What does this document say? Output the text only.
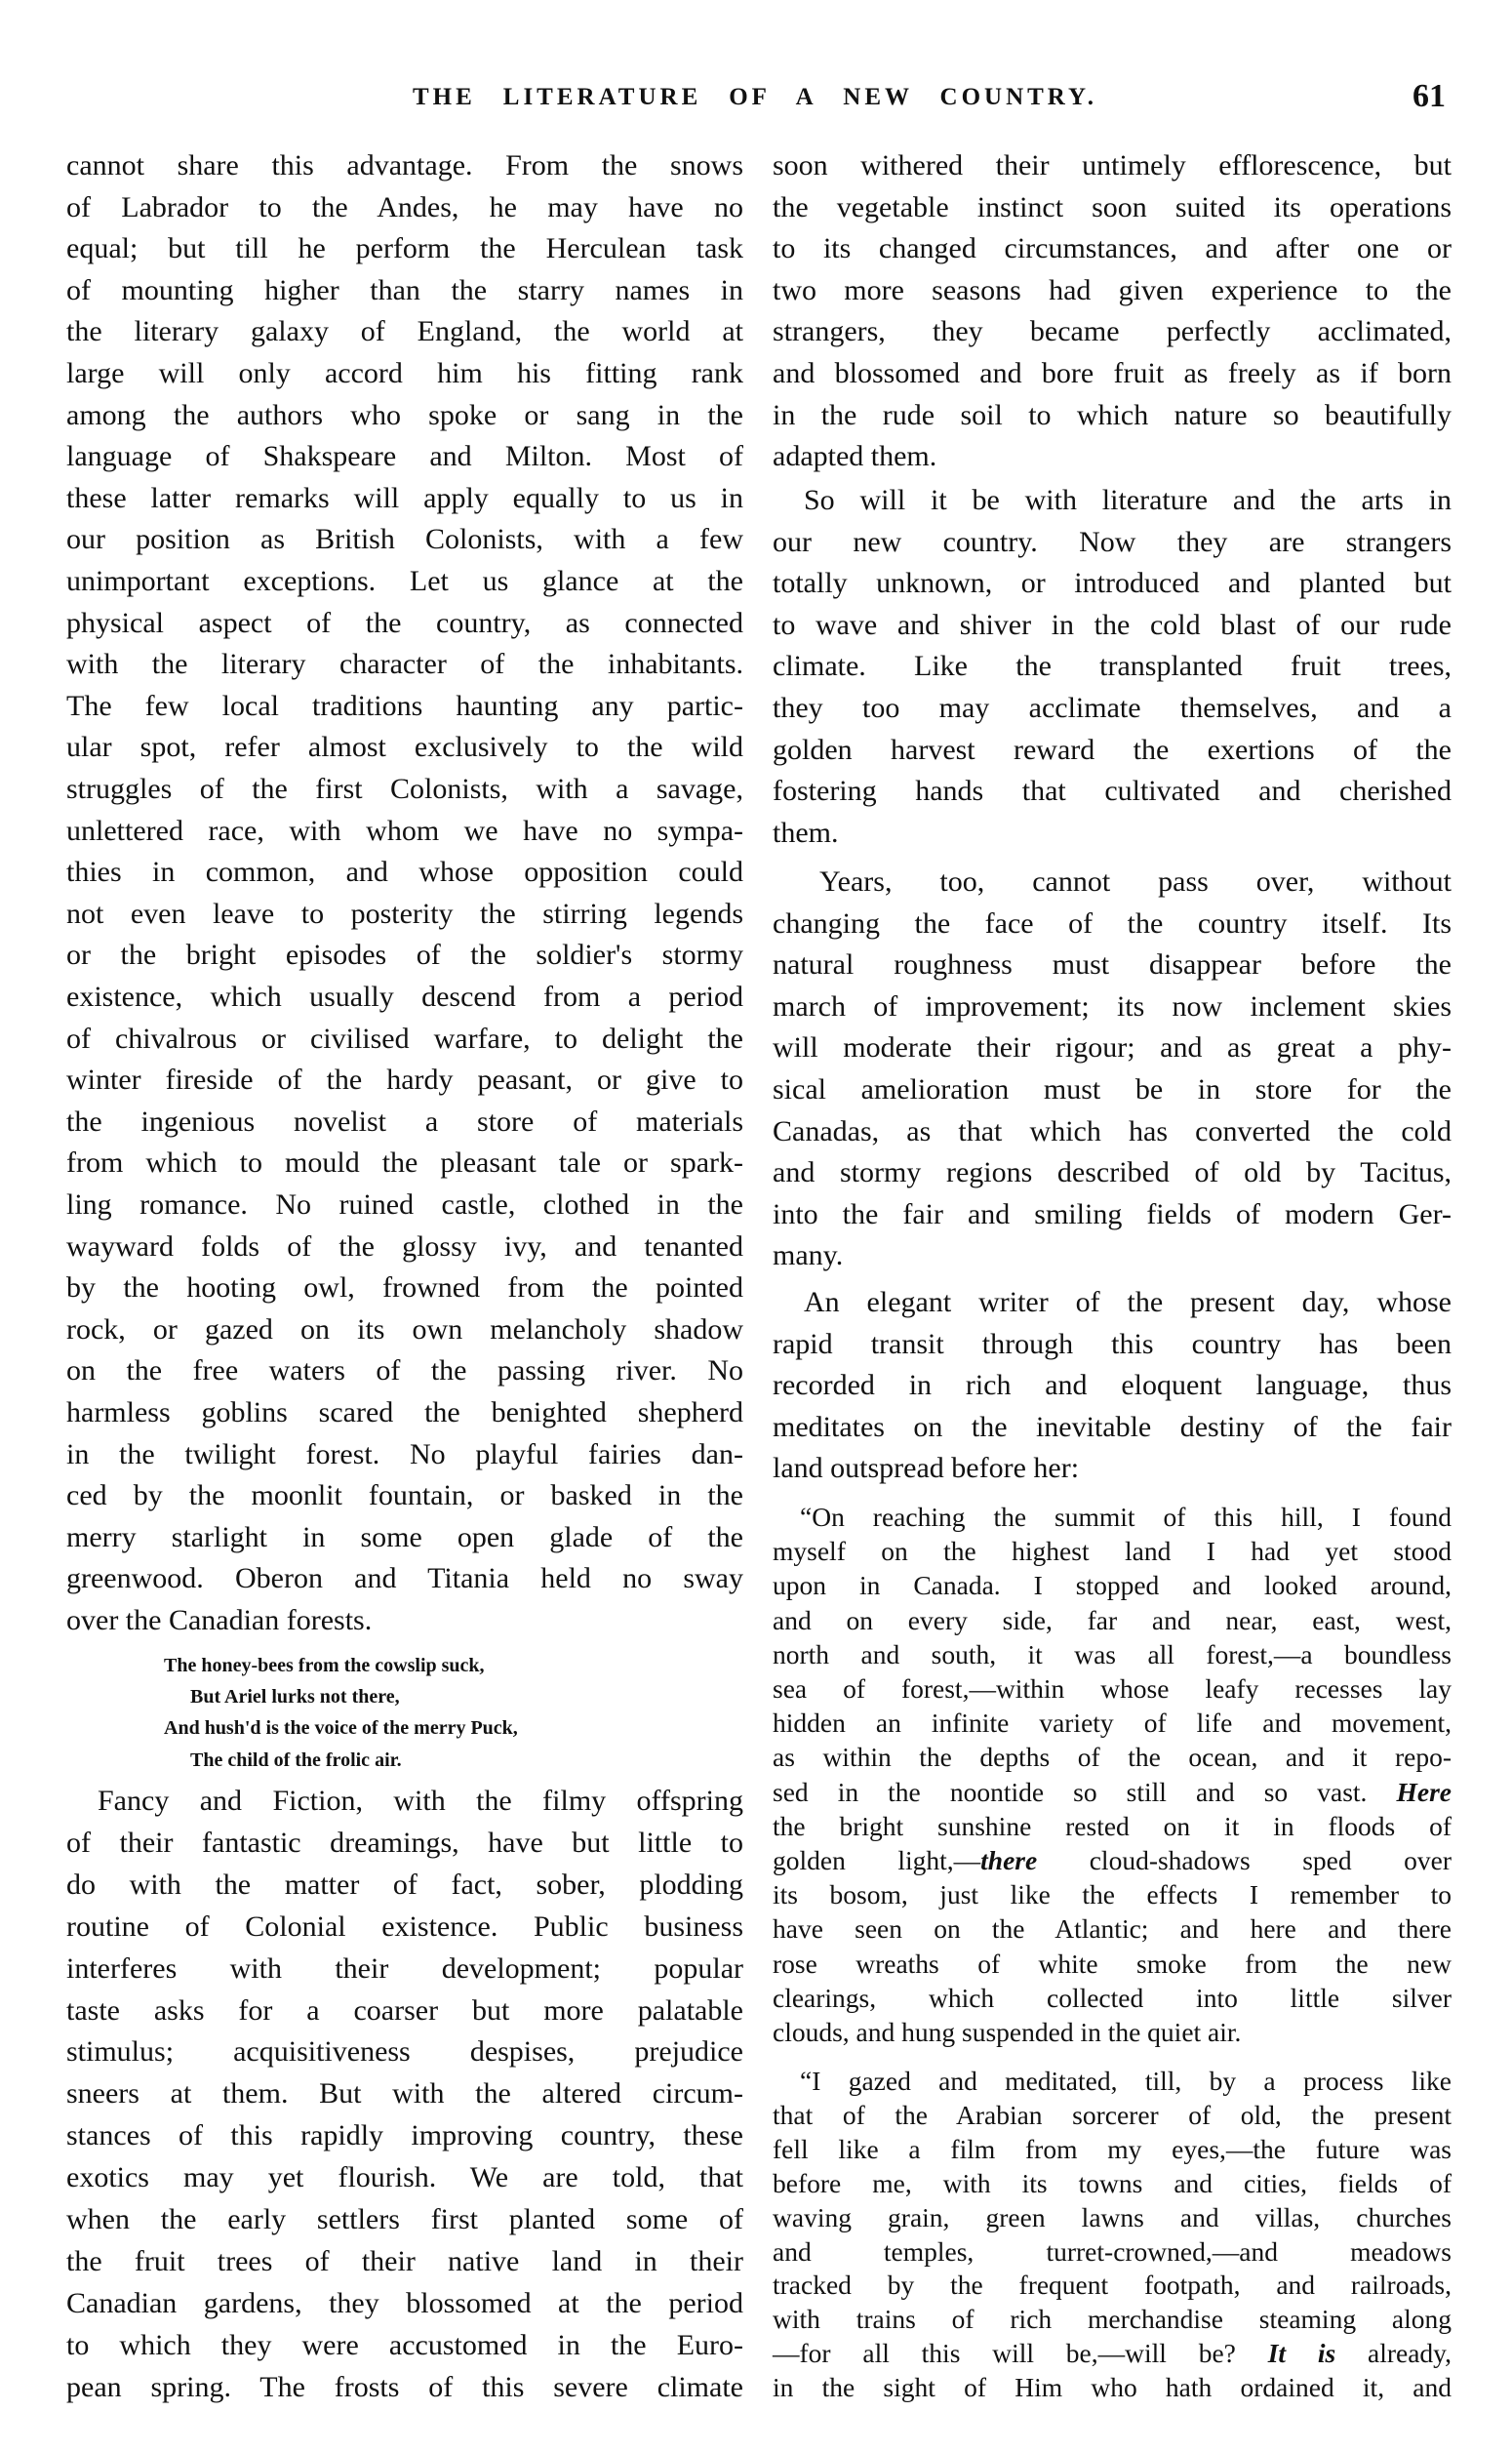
THE LITERATURE OF A NEW COUNTRY.	61
cannot share this advantage. From the snows
of Labrador to the Andes, he may have no
equal; but till he perform the Herculean task
of mounting higher than the starry names in
the literary galaxy of England, the world at
large will only accord him his fitting rank
among the authors who spoke or sang in the
language of Shakspeare and Milton. Most of
these latter remarks will apply equally to us in
our position as British Colonists, with a few
unimportant exceptions. Let us glance at the
physical aspect of the country, as connected
with the literary character of the inhabitants.
The few local traditions haunting any partic-
ular spot, refer almost exclusively to the wild
struggles of the first Colonists, with a savage,
unlettered race, with whom we have no sympa-
thies in common, and whose opposition could
not even leave to posterity the stirring legends
or the bright episodes of the soldier's stormy
existence, which usually descend from a period
of chivalrous or civilised warfare, to delight the
winter fireside of the hardy peasant, or give to
the ingenious novelist a store of materials
from which to mould the pleasant tale or spark-
ling romance. No ruined castle, clothed in the
wayward folds of the glossy ivy, and tenanted
by the hooting owl, frowned from the pointed
rock, or gazed on its own melancholy shadow
on the free waters of the passing river. No
harmless goblins scared the benighted shepherd
in the twilight forest. No playful fairies dan-
ced by the moonlit fountain, or basked in the
merry starlight in some open glade of the
greenwood. Oberon and Titania held no sway
over the Canadian forests.
The honey-bees from the cowslip suck,
But Ariel lurks not there,
And hush'd is the voice of the merry Puck,
The child of the frolic air.
Fancy and Fiction, with the filmy offspring
of their fantastic dreamings, have but little to
do with the matter of fact, sober, plodding
routine of Colonial existence. Public business
interferes with their development; popular
taste asks for a coarser but more palatable
stimulus; acquisitiveness despises, prejudice
sneers at them. But with the altered circum-
stances of this rapidly improving country, these
exotics may yet flourish. We are told, that
when the early settlers first planted some of
the fruit trees of their native land in their
Canadian gardens, they blossomed at the period
to which they were accustomed in the Euro-
pean spring. The frosts of this severe climate
soon withered their untimely efflorescence, but
the vegetable instinct soon suited its operations
to its changed circumstances, and after one or
two more seasons had given experience to the
strangers, they became perfectly acclimated,
and blossomed and bore fruit as freely as if born
in the rude soil to which nature so beautifully
adapted them.
So will it be with literature and the arts in
our new country. Now they are strangers
totally unknown, or introduced and planted but
to wave and shiver in the cold blast of our rude
climate. Like the transplanted fruit trees,
they too may acclimate themselves, and a
golden harvest reward the exertions of the
fostering hands that cultivated and cherished
them.
Years, too, cannot pass over, without
changing the face of the country itself. Its
natural roughness must disappear before the
march of improvement; its now inclement skies
will moderate their rigour; and as great a phy-
sical amelioration must be in store for the
Canadas, as that which has converted the cold
and stormy regions described of old by Tacitus,
into the fair and smiling fields of modern Ger-
many.
An elegant writer of the present day, whose
rapid transit through this country has been
recorded in rich and eloquent language, thus
meditates on the inevitable destiny of the fair
land outspread before her:
“On reaching the summit of this hill, I found
myself on the highest land I had yet stood
upon in Canada. I stopped and looked around,
and on every side, far and near, east, west,
north and south, it was all forest,—a boundless
sea of forest,—within whose leafy recesses lay
hidden an infinite variety of life and movement,
as within the depths of the ocean, and it repo-
sed in the noontide so still and so vast. Here
the bright sunshine rested on it in floods of
golden light,—there cloud-shadows sped over
its bosom, just like the effects I remember to
have seen on the Atlantic; and here and there
rose wreaths of white smoke from the new
clearings, which collected into little silver
clouds, and hung suspended in the quiet air.
“I gazed and meditated, till, by a process like
that of the Arabian sorcerer of old, the present
fell like a film from my eyes,—the future was
before me, with its towns and cities, fields of
waving grain, green lawns and villas, churches
and temples, turret-crowned,—and meadows
tracked by the frequent footpath, and railroads,
with trains of rich merchandise steaming along
—for all this will be,—will be? It is already,
in the sight of Him who hath ordained it, and
